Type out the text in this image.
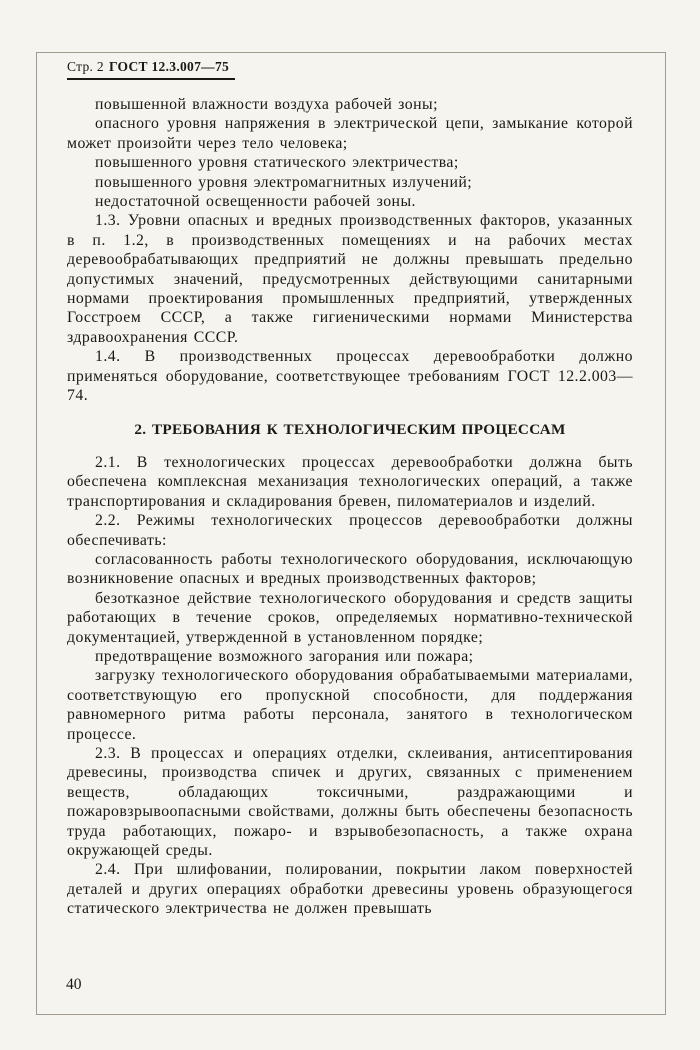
Стр. 2 ГОСТ 12.3.007—75

повышенной влажности воздуха рабочей зоны;

опасного уровня напряжения в электрической цепи, замыкание которой может произойти через тело человека;

повышенного уровня статического электричества;

повышенного уровня электромагнитных излучений;

недостаточной освещенности рабочей зоны.

1.3. Уровни опасных и вредных производственных факторов, указанных в п. 1.2, в производственных помещениях и на рабочих местах деревообрабатывающих предприятий не должны превышать предельно допустимых значений, предусмотренных действующими санитарными нормами проектирования промышленных предприятий, утвержденных Госстроем СССР, а также гигиеническими нормами Министерства здравоохранения СССР.

1.4. В производственных процессах деревообработки должно применяться оборудование, соответствующее требованиям ГОСТ 12.2.003—74.

2. ТРЕБОВАНИЯ К ТЕХНОЛОГИЧЕСКИМ ПРОЦЕССАМ

2.1. В технологических процессах деревообработки должна быть обеспечена комплексная механизация технологических операций, а также транспортирования и складирования бревен, пиломатериалов и изделий.

2.2. Режимы технологических процессов деревообработки должны обеспечивать:

согласованность работы технологического оборудования, исключающую возникновение опасных и вредных производственных факторов;

безотказное действие технологического оборудования и средств защиты работающих в течение сроков, определяемых нормативно-технической документацией, утвержденной в установленном порядке;

предотвращение возможного загорания или пожара;

загрузку технологического оборудования обрабатываемыми материалами, соответствующую его пропускной способности, для поддержания равномерного ритма работы персонала, занятого в технологическом процессе.

2.3. В процессах и операциях отделки, склеивания, антисептирования древесины, производства спичек и других, связанных с применением веществ, обладающих токсичными, раздражающими и пожаровзрывоопасными свойствами, должны быть обеспечены безопасность труда работающих, пожаро- и взрывобезопасность, а также охрана окружающей среды.

2.4. При шлифовании, полировании, покрытии лаком поверхностей деталей и других операциях обработки древесины уровень образующегося статического электричества не должен превышать

40
